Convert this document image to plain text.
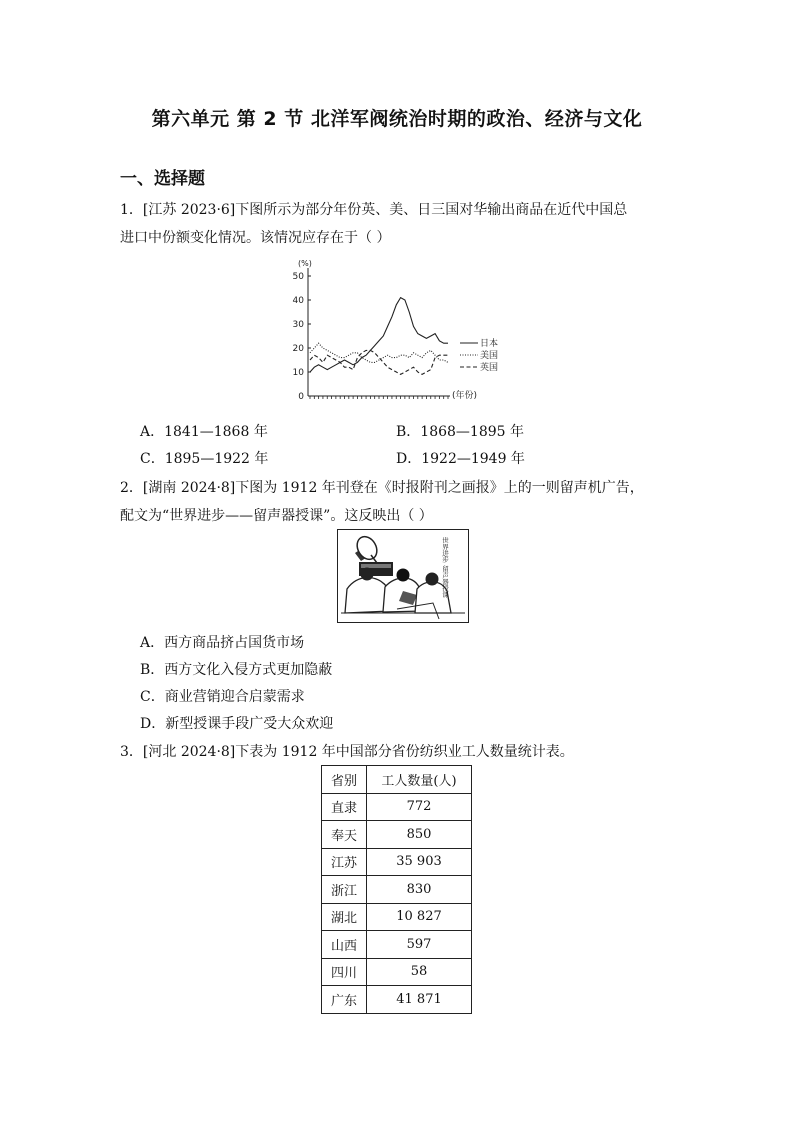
第六单元 第 2 节 北洋军阀统治时期的政治、经济与文化
一、选择题
1．[江苏 2023·6]下图所示为部分年份英、美、日三国对华输出商品在近代中国总
进口中份额变化情况。该情况应存在于（ ）
0
10
20
30
40
50
(%)
(年份)
日本
美国
英国
A．1841—1868 年	B．1868—1895 年
C．1895—1922 年	D．1922—1949 年
2．[湖南 2024·8]下图为 1912 年刊登在《时报附刊之画报》上的一则留声机广告，
配文为“世界进步——留声器授课”。这反映出（ ）
世界进步 留声器授课
A．西方商品挤占国货市场
B．西方文化入侵方式更加隐蔽
C．商业营销迎合启蒙需求
D．新型授课手段广受大众欢迎
3．[河北 2024·8]下表为 1912 年中国部分省份纺织业工人数量统计表。
省别	工人数量(人)
直隶	772
奉天	850
江苏	35 903
浙江	830
湖北	10 827
山西	597
四川	58
广东	41 871
